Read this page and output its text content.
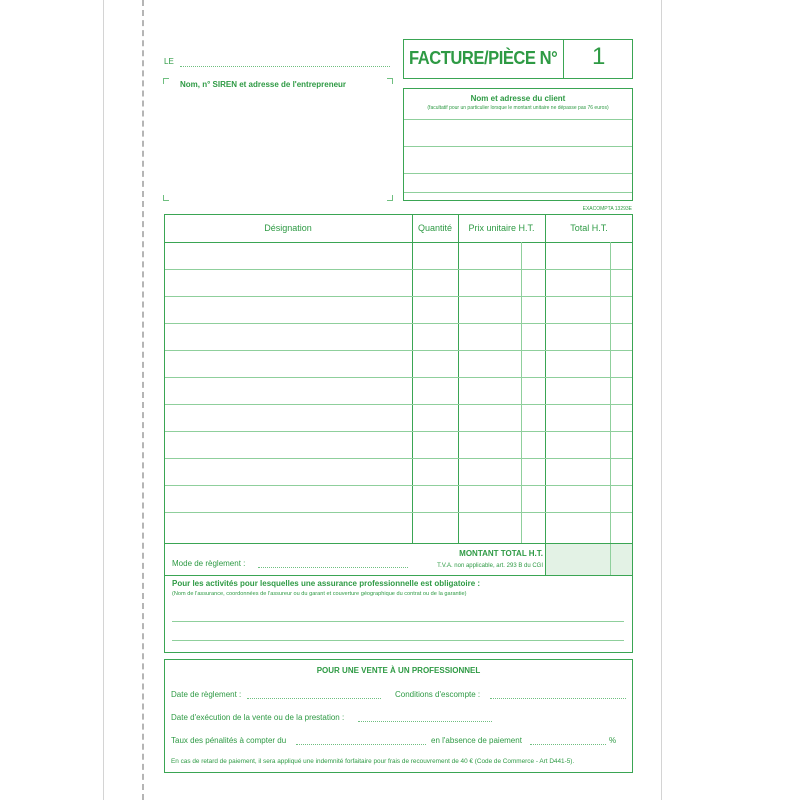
LE
Nom, n° SIREN et adresse de l'entrepreneur
FACTURE/PIÈCE N° 1
Nom et adresse du client
(facultatif pour un particulier lorsque le montant unitaire ne dépasse pas 76 euros)
EXACOMPTA 13293E
Désignation	Quantité	Prix unitaire H.T.	Total H.T.
Mode de règlement :
MONTANT TOTAL H.T.
T.V.A. non applicable, art. 293 B du CGI
Pour les activités pour lesquelles une assurance professionnelle est obligatoire :
(Nom de l'assurance, coordonnées de l'assureur ou du garant et couverture géographique du contrat ou de la garantie)
POUR UNE VENTE À UN PROFESSIONNEL
Date de règlement :	Conditions d'escompte :
Date d'exécution de la vente ou de la prestation :
Taux des pénalités à compter du	en l'absence de paiement	%
En cas de retard de paiement, il sera appliqué une indemnité forfaitaire pour frais de recouvrement de 40 € (Code de Commerce - Art D441-5).
